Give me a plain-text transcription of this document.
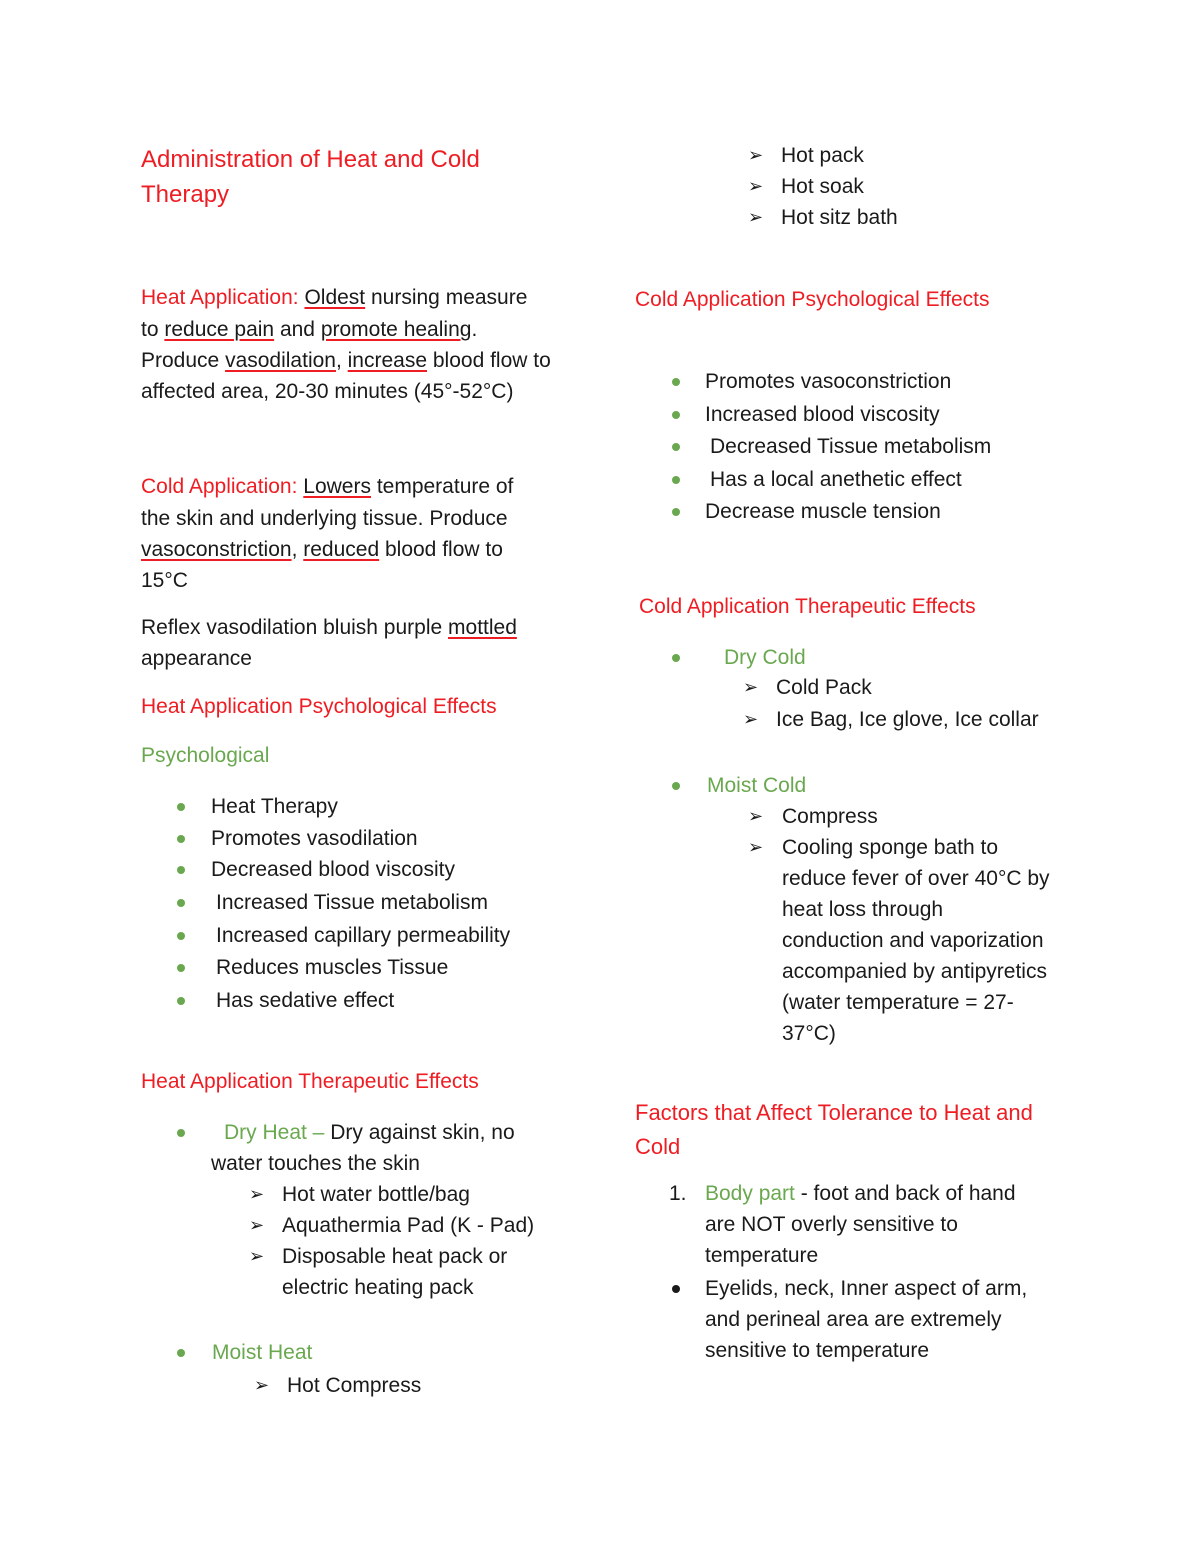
Administration of Heat and Cold
Therapy
Heat Application: Oldest nursing measure
to reduce pain and promote healing.
Produce vasodilation, increase blood flow to
affected area, 20-30 minutes (45°-52°C)
Cold Application: Lowers temperature of
the skin and underlying tissue. Produce
vasoconstriction, reduced blood flow to
15°C
Reflex vasodilation bluish purple mottled
appearance
Heat Application Psychological Effects
Psychological
Heat Therapy
Promotes vasodilation
Decreased blood viscosity
Increased Tissue metabolism
Increased capillary permeability
Reduces muscles Tissue
Has sedative effect
Heat Application Therapeutic Effects
Dry Heat – Dry against skin, no
water touches the skin
➢ Hot water bottle/bag
➢ Aquathermia Pad (K - Pad)
➢ Disposable heat pack or
electric heating pack
Moist Heat
➢ Hot Compress
➢ Hot pack
➢ Hot soak
➢ Hot sitz bath
Cold Application Psychological Effects
Promotes vasoconstriction
Increased blood viscosity
Decreased Tissue metabolism
Has a local anethetic effect
Decrease muscle tension
Cold Application Therapeutic Effects
Dry Cold
➢ Cold Pack
➢ Ice Bag, Ice glove, Ice collar
Moist Cold
➢ Compress
➢ Cooling sponge bath to
reduce fever of over 40°C by
heat loss through
conduction and vaporization
accompanied by antipyretics
(water temperature = 27-
37°C)
Factors that Affect Tolerance to Heat and
Cold
1. Body part - foot and back of hand
are NOT overly sensitive to
temperature
Eyelids, neck, Inner aspect of arm,
and perineal area are extremely
sensitive to temperature
